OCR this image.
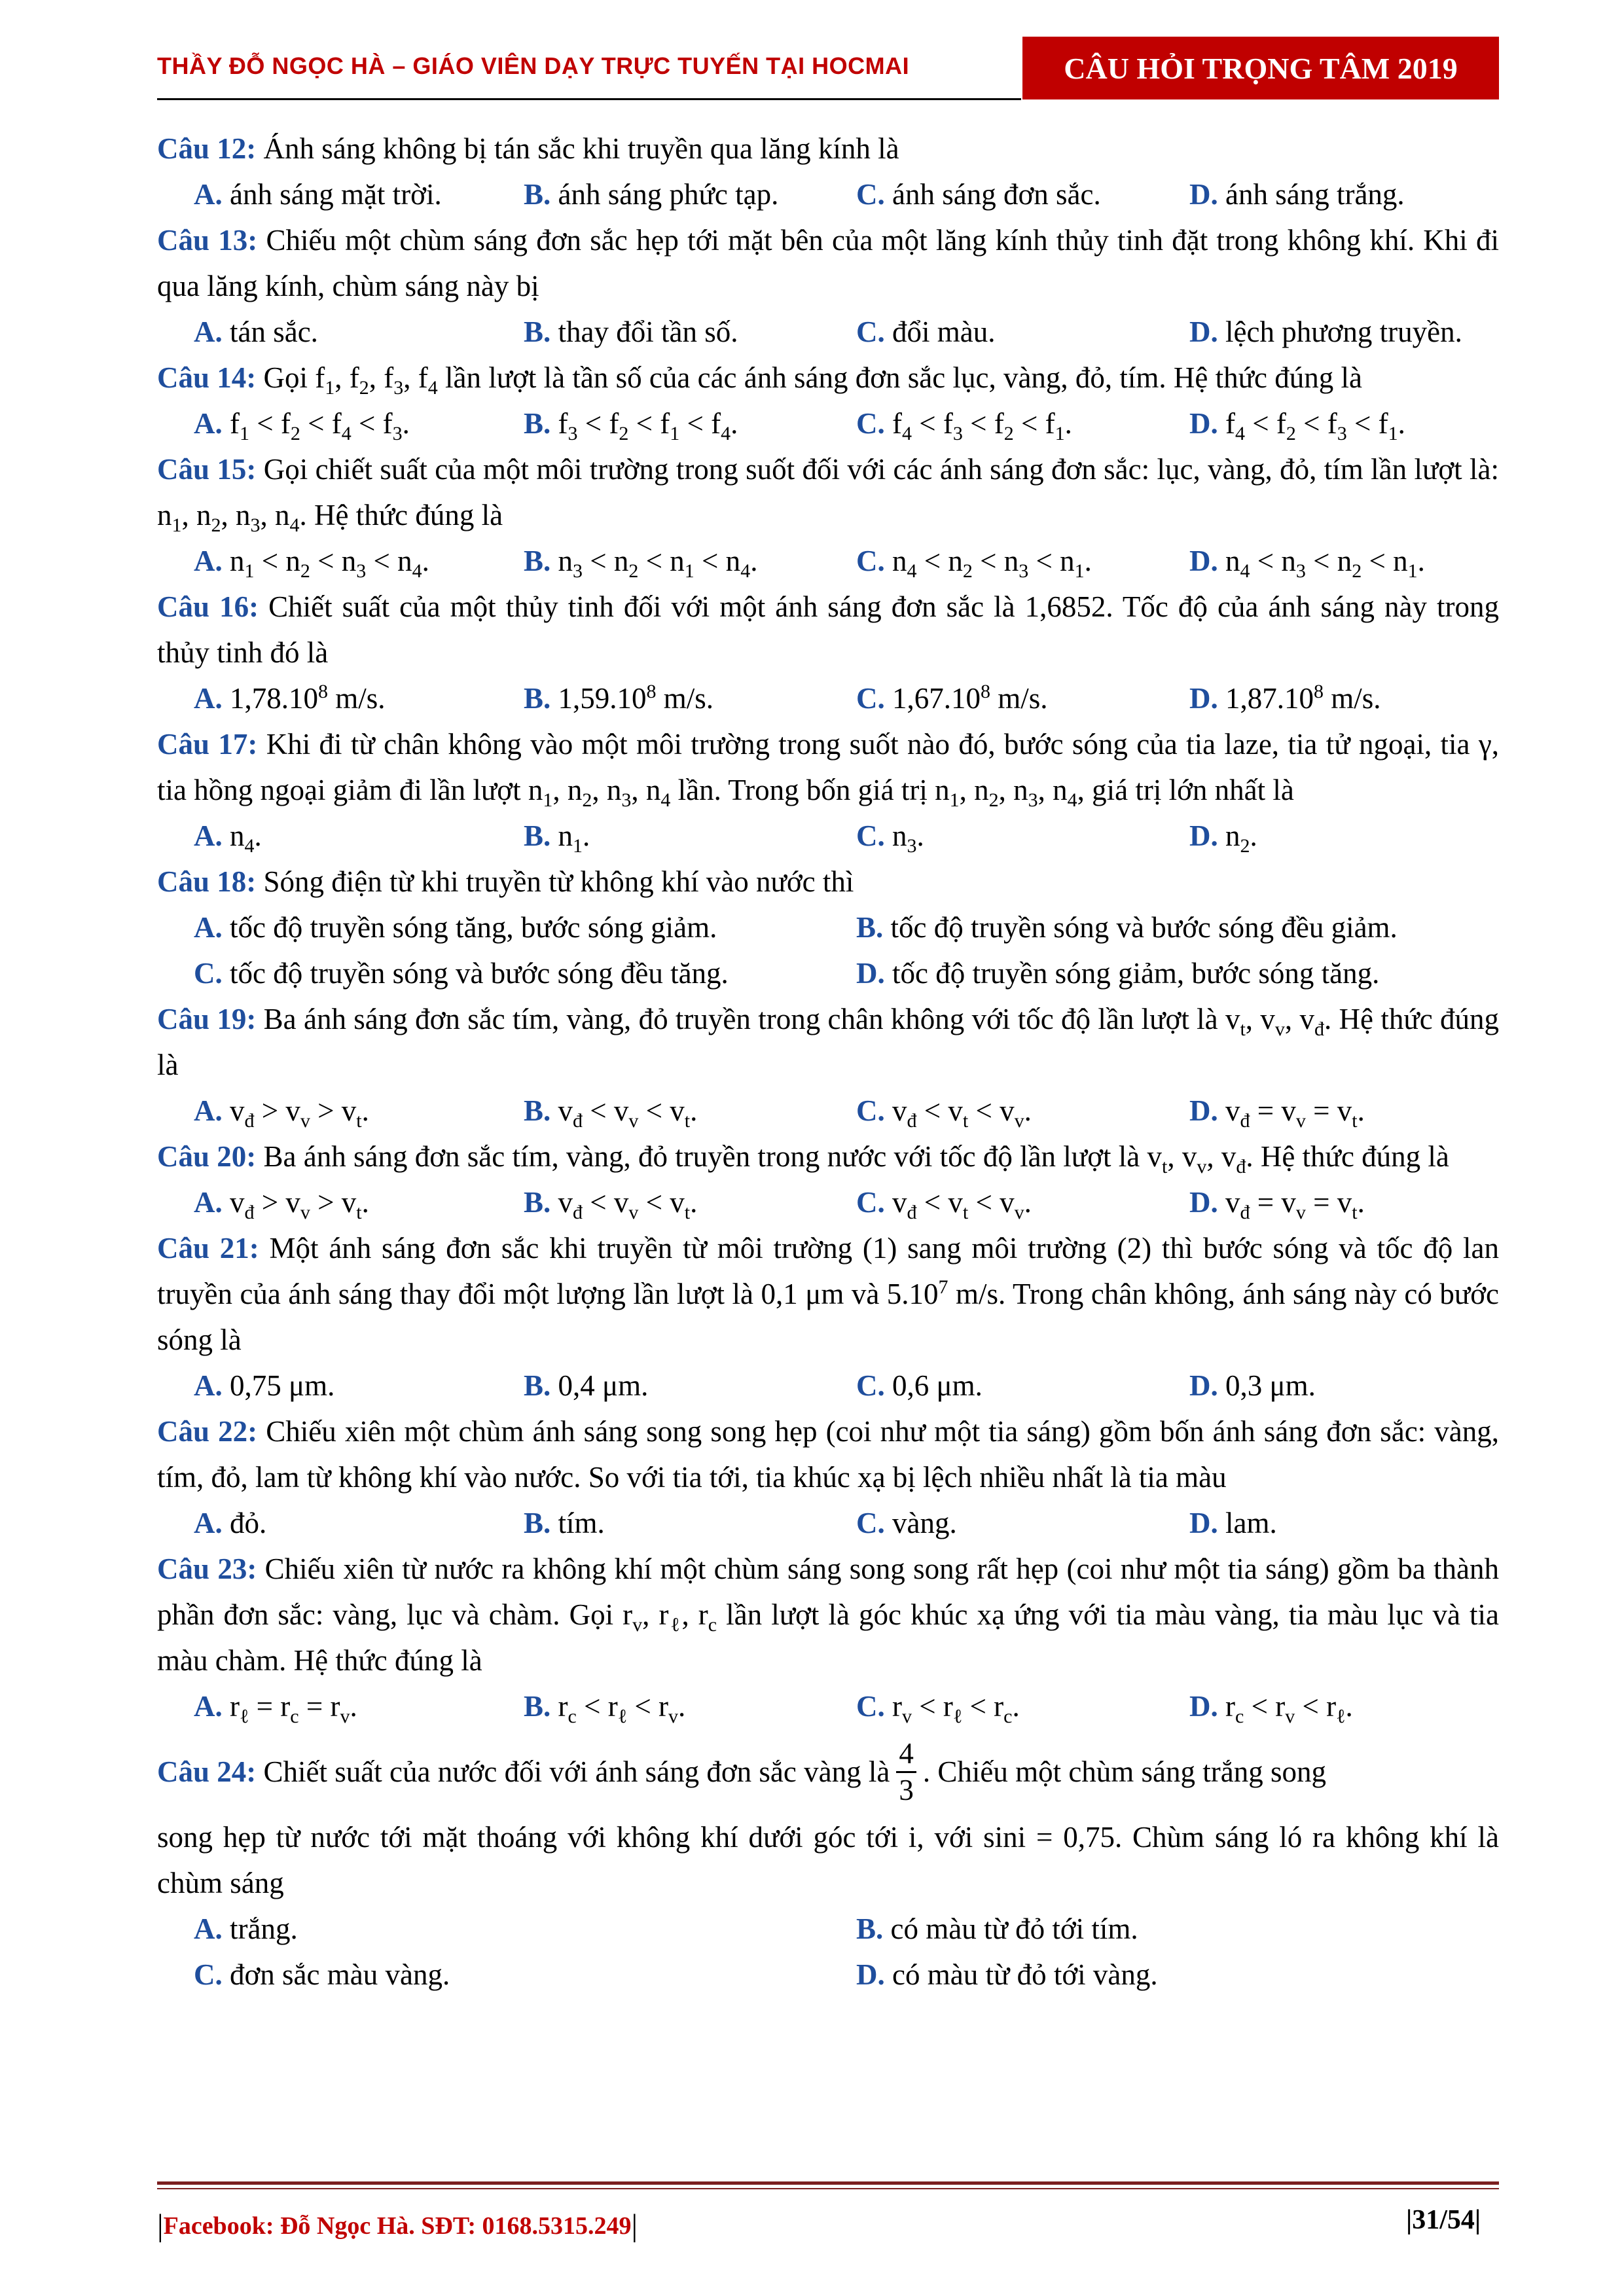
THẦY ĐỖ NGỌC HÀ – GIÁO VIÊN DẠY TRỰC TUYẾN TẠI HOCMAI	CÂU HỎI TRỌNG TÂM 2019

Câu 12: Ánh sáng không bị tán sắc khi truyền qua lăng kính là

A. ánh sáng mặt trời.	B. ánh sáng phức tạp.	C. ánh sáng đơn sắc.	D. ánh sáng trắng.

Câu 13: Chiếu một chùm sáng đơn sắc hẹp tới mặt bên của một lăng kính thủy tinh đặt trong không khí. Khi đi qua lăng kính, chùm sáng này bị

A. tán sắc.	B. thay đổi tần số.	C. đổi màu.	D. lệch phương truyền.

Câu 14: Gọi $f_1$, $f_2$, $f_3$, $f_4$ lần lượt là tần số của các ánh sáng đơn sắc lục, vàng, đỏ, tím. Hệ thức đúng là

A. $f_1 < f_2 < f_4 < f_3$.	B. $f_3 < f_2 < f_1 < f_4$.	C. $f_4 < f_3 < f_2 < f_1$.	D. $f_4 < f_2 < f_3 < f_1$.

Câu 15: Gọi chiết suất của một môi trường trong suốt đối với các ánh sáng đơn sắc: lục, vàng, đỏ, tím lần lượt là: $n_1$, $n_2$, $n_3$, $n_4$. Hệ thức đúng là

A. $n_1 < n_2 < n_3 < n_4$.	B. $n_3 < n_2 < n_1 < n_4$.	C. $n_4 < n_2 < n_3 < n_1$.	D. $n_4 < n_3 < n_2 < n_1$.

Câu 16: Chiết suất của một thủy tinh đối với một ánh sáng đơn sắc là 1,6852. Tốc độ của ánh sáng này trong thủy tinh đó là

A. 1,78.10$^8$ m/s.	B. 1,59.10$^8$ m/s.	C. 1,67.10$^8$ m/s.	D. 1,87.10$^8$ m/s.

Câu 17: Khi đi từ chân không vào một môi trường trong suốt nào đó, bước sóng của tia laze, tia tử ngoại, tia γ, tia hồng ngoại giảm đi lần lượt $n_1$, $n_2$, $n_3$, $n_4$ lần. Trong bốn giá trị $n_1$, $n_2$, $n_3$, $n_4$, giá trị lớn nhất là

A. $n_4$.	B. $n_1$.	C. $n_3$.	D. $n_2$.

Câu 18: Sóng điện từ khi truyền từ không khí vào nước thì

A. tốc độ truyền sóng tăng, bước sóng giảm.	B. tốc độ truyền sóng và bước sóng đều giảm.
C. tốc độ truyền sóng và bước sóng đều tăng.	D. tốc độ truyền sóng giảm, bước sóng tăng.

Câu 19: Ba ánh sáng đơn sắc tím, vàng, đỏ truyền trong chân không với tốc độ lần lượt là $v_t$, $v_v$, $v_đ$. Hệ thức đúng là

A. $v_đ > v_v > v_t$.	B. $v_đ < v_v < v_t$.	C. $v_đ < v_t < v_v$.	D. $v_đ = v_v = v_t$.

Câu 20: Ba ánh sáng đơn sắc tím, vàng, đỏ truyền trong nước với tốc độ lần lượt là $v_t$, $v_v$, $v_đ$. Hệ thức đúng là

A. $v_đ > v_v > v_t$.	B. $v_đ < v_v < v_t$.	C. $v_đ < v_t < v_v$.	D. $v_đ = v_v = v_t$.

Câu 21: Một ánh sáng đơn sắc khi truyền từ môi trường (1) sang môi trường (2) thì bước sóng và tốc độ lan truyền của ánh sáng thay đổi một lượng lần lượt là 0,1 μm và 5.10$^7$ m/s. Trong chân không, ánh sáng này có bước sóng là

A. 0,75 μm.	B. 0,4 μm.	C. 0,6 μm.	D. 0,3 μm.

Câu 22: Chiếu xiên một chùm ánh sáng song song hẹp (coi như một tia sáng) gồm bốn ánh sáng đơn sắc: vàng, tím, đỏ, lam từ không khí vào nước. So với tia tới, tia khúc xạ bị lệch nhiều nhất là tia màu

A. đỏ.	B. tím.	C. vàng.	D. lam.

Câu 23: Chiếu xiên từ nước ra không khí một chùm sáng song song rất hẹp (coi như một tia sáng) gồm ba thành phần đơn sắc: vàng, lục và chàm. Gọi $r_v$, $r_\ell$, $r_c$ lần lượt là góc khúc xạ ứng với tia màu vàng, tia màu lục và tia màu chàm. Hệ thức đúng là

A. $r_\ell = r_c = r_v$.	B. $r_c < r_\ell < r_v$.	C. $r_v < r_\ell < r_c$.	D. $r_c < r_v < r_\ell$.
Câu 24: Chiết suất của nước đối với ánh sáng đơn sắc vàng là $\frac{4}{3}$ . Chiếu một chùm sáng trắng song

song hẹp từ nước tới mặt thoáng với không khí dưới góc tới i, với sini = 0,75. Chùm sáng ló ra không khí là chùm sáng

A. trắng.	B. có màu từ đỏ tới tím.
C. đơn sắc màu vàng.	D. có màu từ đỏ tới vàng.
|Facebook: Đỗ Ngọc Hà. SĐT: 0168.5315.249|	|31/54|
